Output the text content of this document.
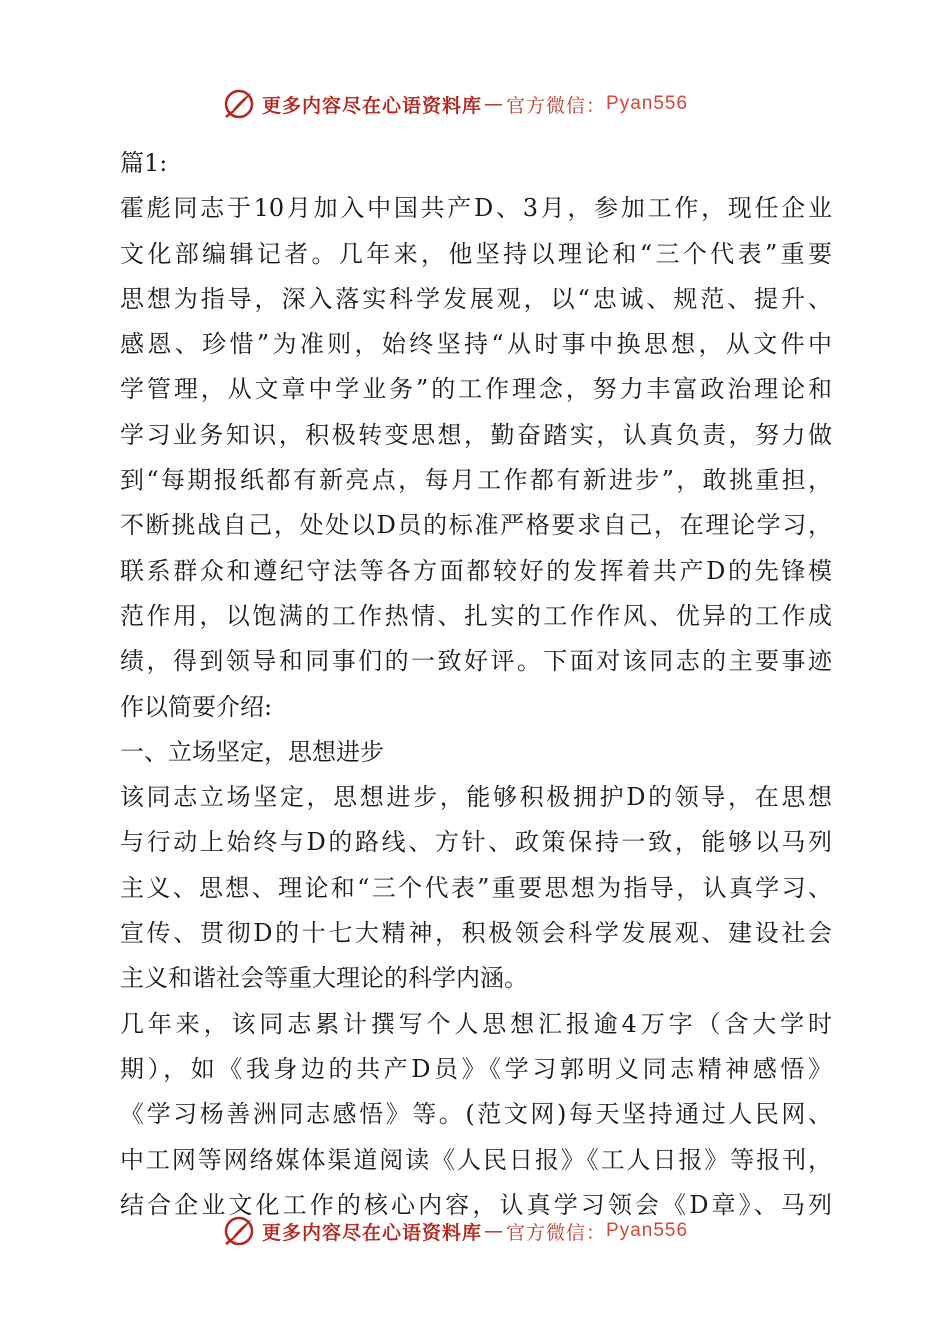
更多内容尽在心语资料库 — 官方微信： Pyan556
篇1:
霍彪同志于10月加入中国共产D、3月，参加工作，现任企业
文化部编辑记者。几年来，他坚持以理论和“三个代表”重要
思想为指导，深入落实科学发展观，以“忠诚、规范、提升、
感恩、珍惜”为准则，始终坚持“从时事中换思想，从文件中
学管理，从文章中学业务”的工作理念，努力丰富政治理论和
学习业务知识，积极转变思想，勤奋踏实，认真负责，努力做
到“每期报纸都有新亮点，每月工作都有新进步”，敢挑重担，
不断挑战自己，处处以D员的标准严格要求自己，在理论学习，
联系群众和遵纪守法等各方面都较好的发挥着共产D的先锋模
范作用，以饱满的工作热情、扎实的工作作风、优异的工作成
绩，得到领导和同事们的一致好评。下面对该同志的主要事迹
作以简要介绍:
一、立场坚定，思想进步
该同志立场坚定，思想进步，能够积极拥护D的领导，在思想
与行动上始终与D的路线、方针、政策保持一致，能够以马列
主义、思想、理论和“三个代表”重要思想为指导，认真学习、
宣传、贯彻D的十七大精神，积极领会科学发展观、建设社会
主义和谐社会等重大理论的科学内涵。
几年来，该同志累计撰写个人思想汇报逾4万字（含大学时
期），如《我身边的共产D员》《学习郭明义同志精神感悟》
《学习杨善洲同志感悟》等。(范文网)每天坚持通过人民网、
中工网等网络媒体渠道阅读《人民日报》《工人日报》等报刊，
结合企业文化工作的核心内容，认真学习领会《D章》、马列
更多内容尽在心语资料库 — 官方微信： Pyan556
